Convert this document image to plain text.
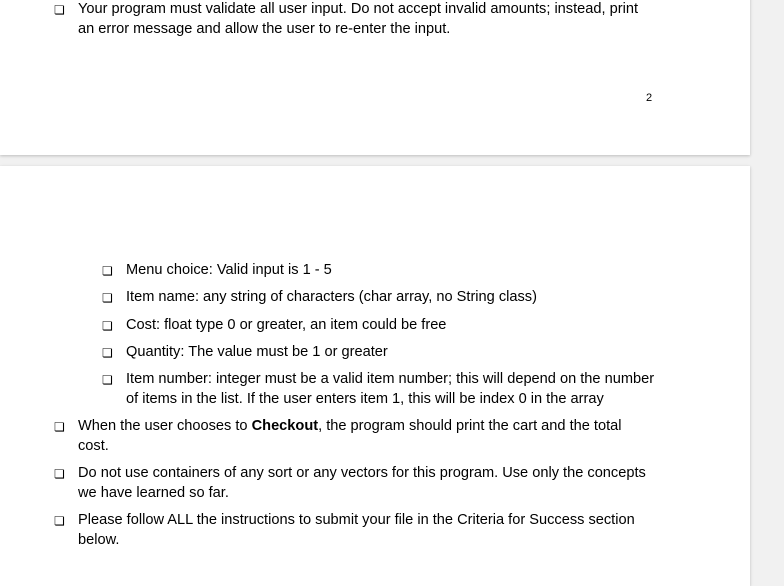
❏ Your program must validate all user input. Do not accept invalid amounts; instead, print
an error message and allow the user to re-enter the input.
2
❏ Menu choice: Valid input is 1 - 5
❏ Item name: any string of characters (char array, no String class)
❏ Cost: float type 0 or greater, an item could be free
❏ Quantity: The value must be 1 or greater
❏ Item number: integer must be a valid item number; this will depend on the number
of items in the list. If the user enters item 1, this will be index 0 in the array
❏ When the user chooses to Checkout, the program should print the cart and the total
cost.
❏ Do not use containers of any sort or any vectors for this program. Use only the concepts
we have learned so far.
❏ Please follow ALL the instructions to submit your file in the Criteria for Success section
below.
